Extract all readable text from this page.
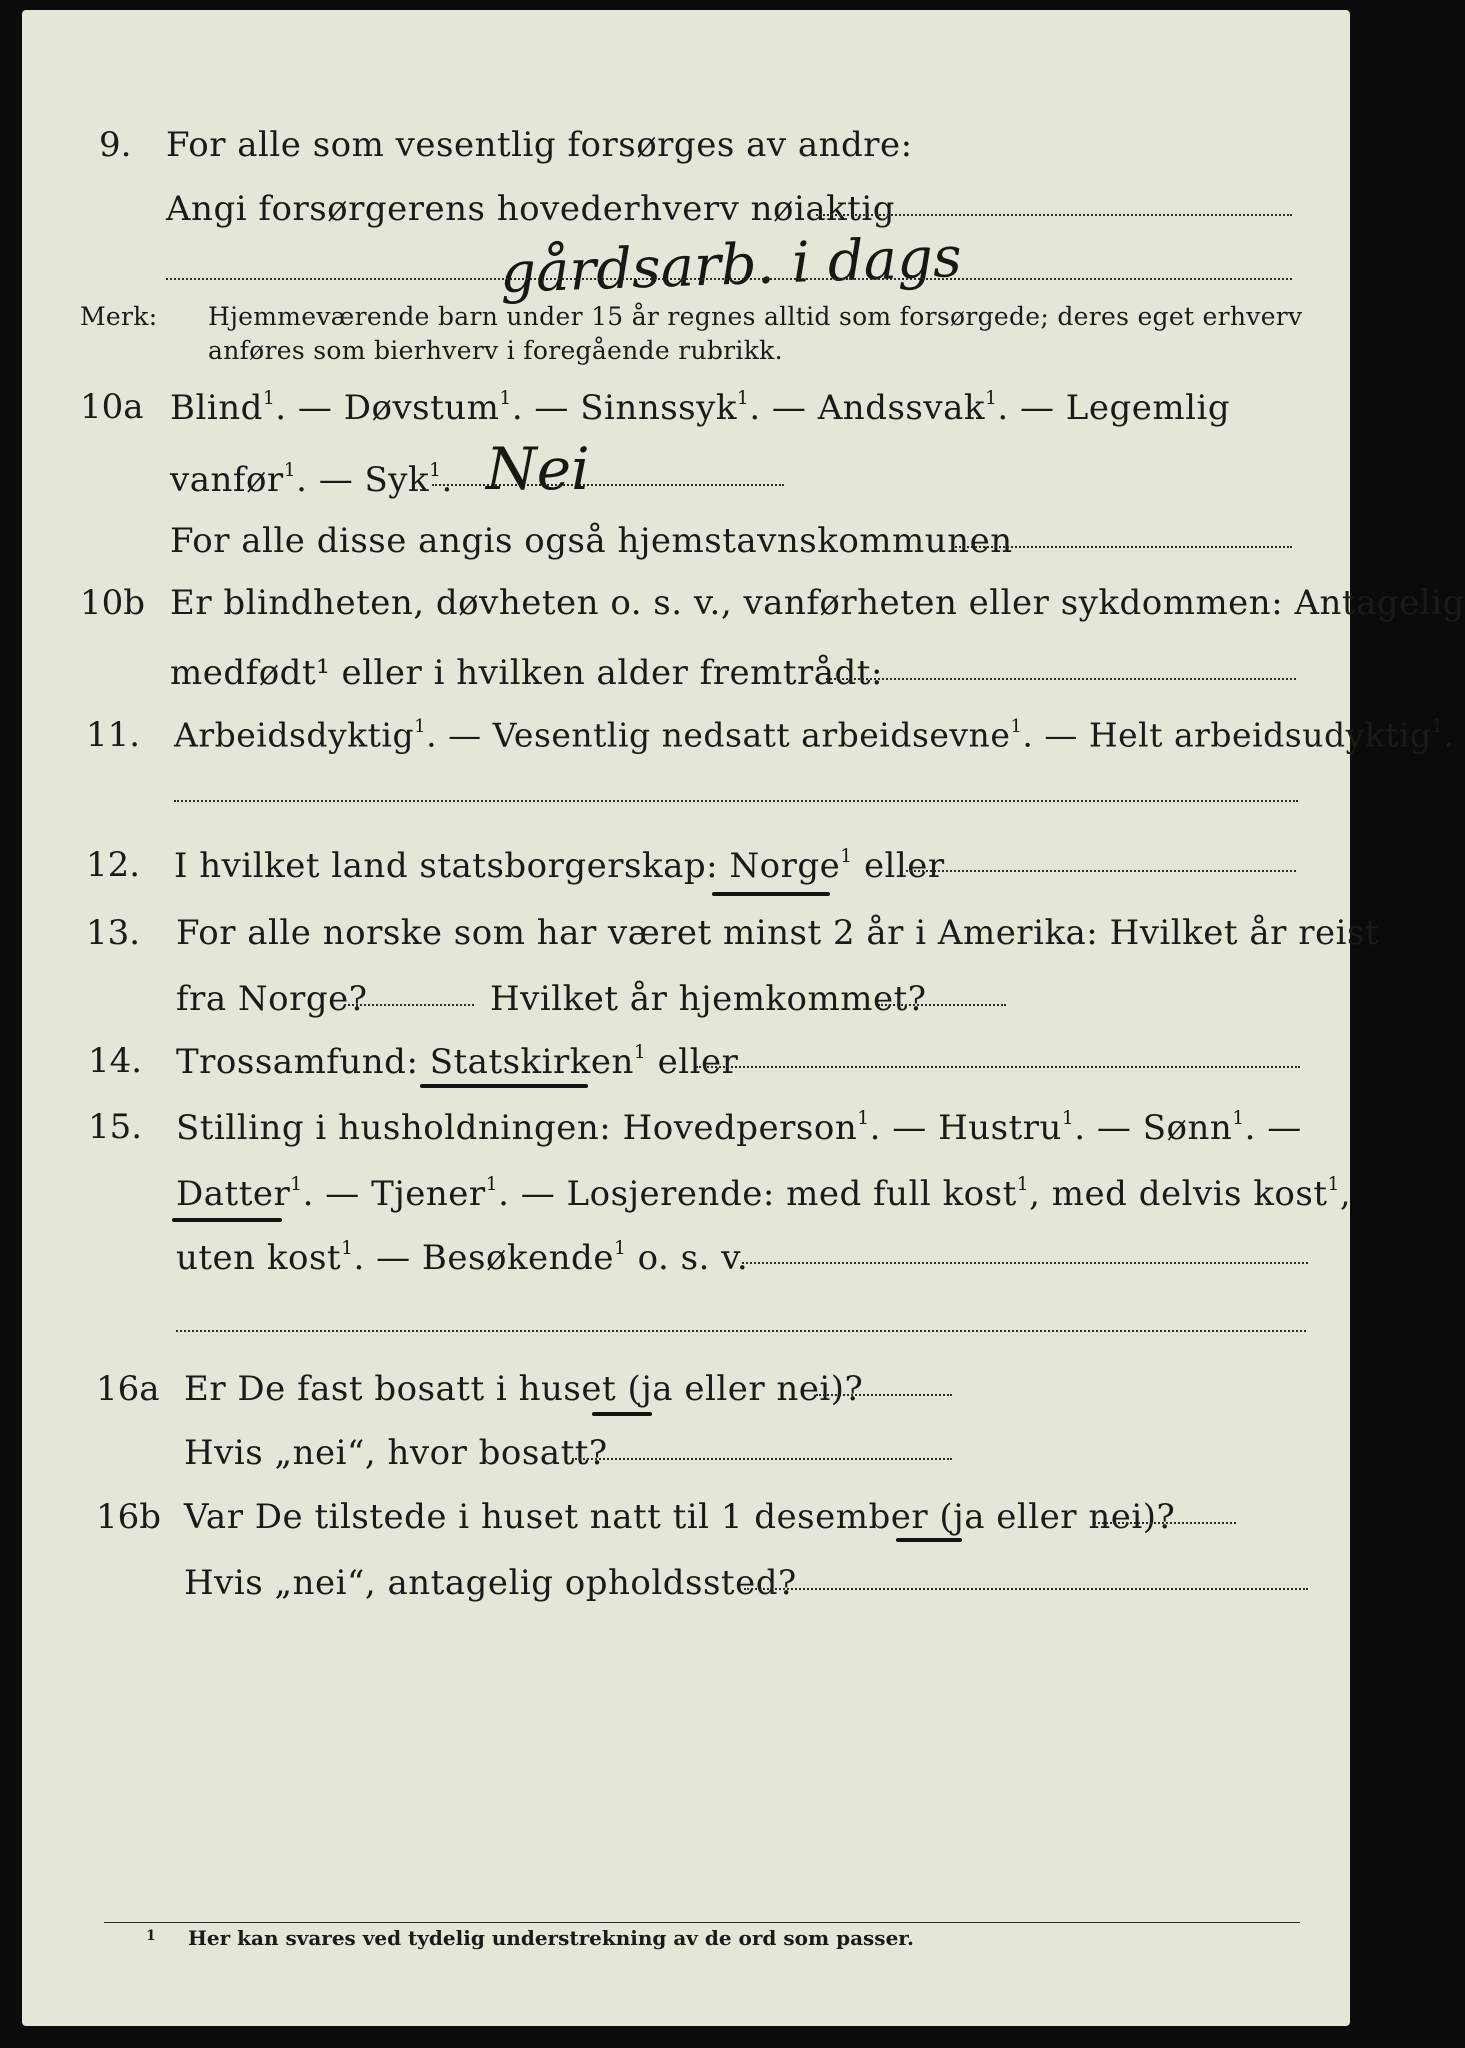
9. For alle som vesentlig forsørges av andre:
Angi forsørgerens hovederhverv nøiaktig
gårdsarb. i dags
Merk: Hjemmeværende barn under 15 år regnes alltid som forsørgede; deres eget erhverv
anføres som bierhverv i foregående rubrikk.
10a Blind$^1$. — Døvstum$^1$. — Sinnssyk$^1$. — Andssvak$^1$. — Legemlig
vanfør$^1$. — Syk$^1$. Nei
For alle disse angis også hjemstavnskommunen
10b Er blindheten, døvheten o. s. v., vanførheten eller sykdommen: Antagelig
medfødt¹ eller i hvilken alder fremtrådt:
11. Arbeidsdyktig$^1$. — Vesentlig nedsatt arbeidsevne$^1$. — Helt arbeidsudyktig$^1$.
12. I hvilket land statsborgerskap: Norge$^1$ eller
13. For alle norske som har været minst 2 år i Amerika: Hvilket år reist
fra Norge?	Hvilket år hjemkommet?
14. Trossamfund: Statskirken$^1$ eller
15. Stilling i husholdningen: Hovedperson$^1$. — Hustru$^1$. — Sønn$^1$. —
Datter$^1$. — Tjener$^1$. — Losjerende: med full kost$^1$, med delvis kost$^1$,
uten kost$^1$. — Besøkende$^1$ o. s. v.
16a Er De fast bosatt i huset (ja eller nei)?
Hvis „nei“, hvor bosatt?
16b Var De tilstede i huset natt til 1 desember (ja eller nei)?
Hvis „nei“, antagelig opholdssted?
1 Her kan svares ved tydelig understrekning av de ord som passer.
